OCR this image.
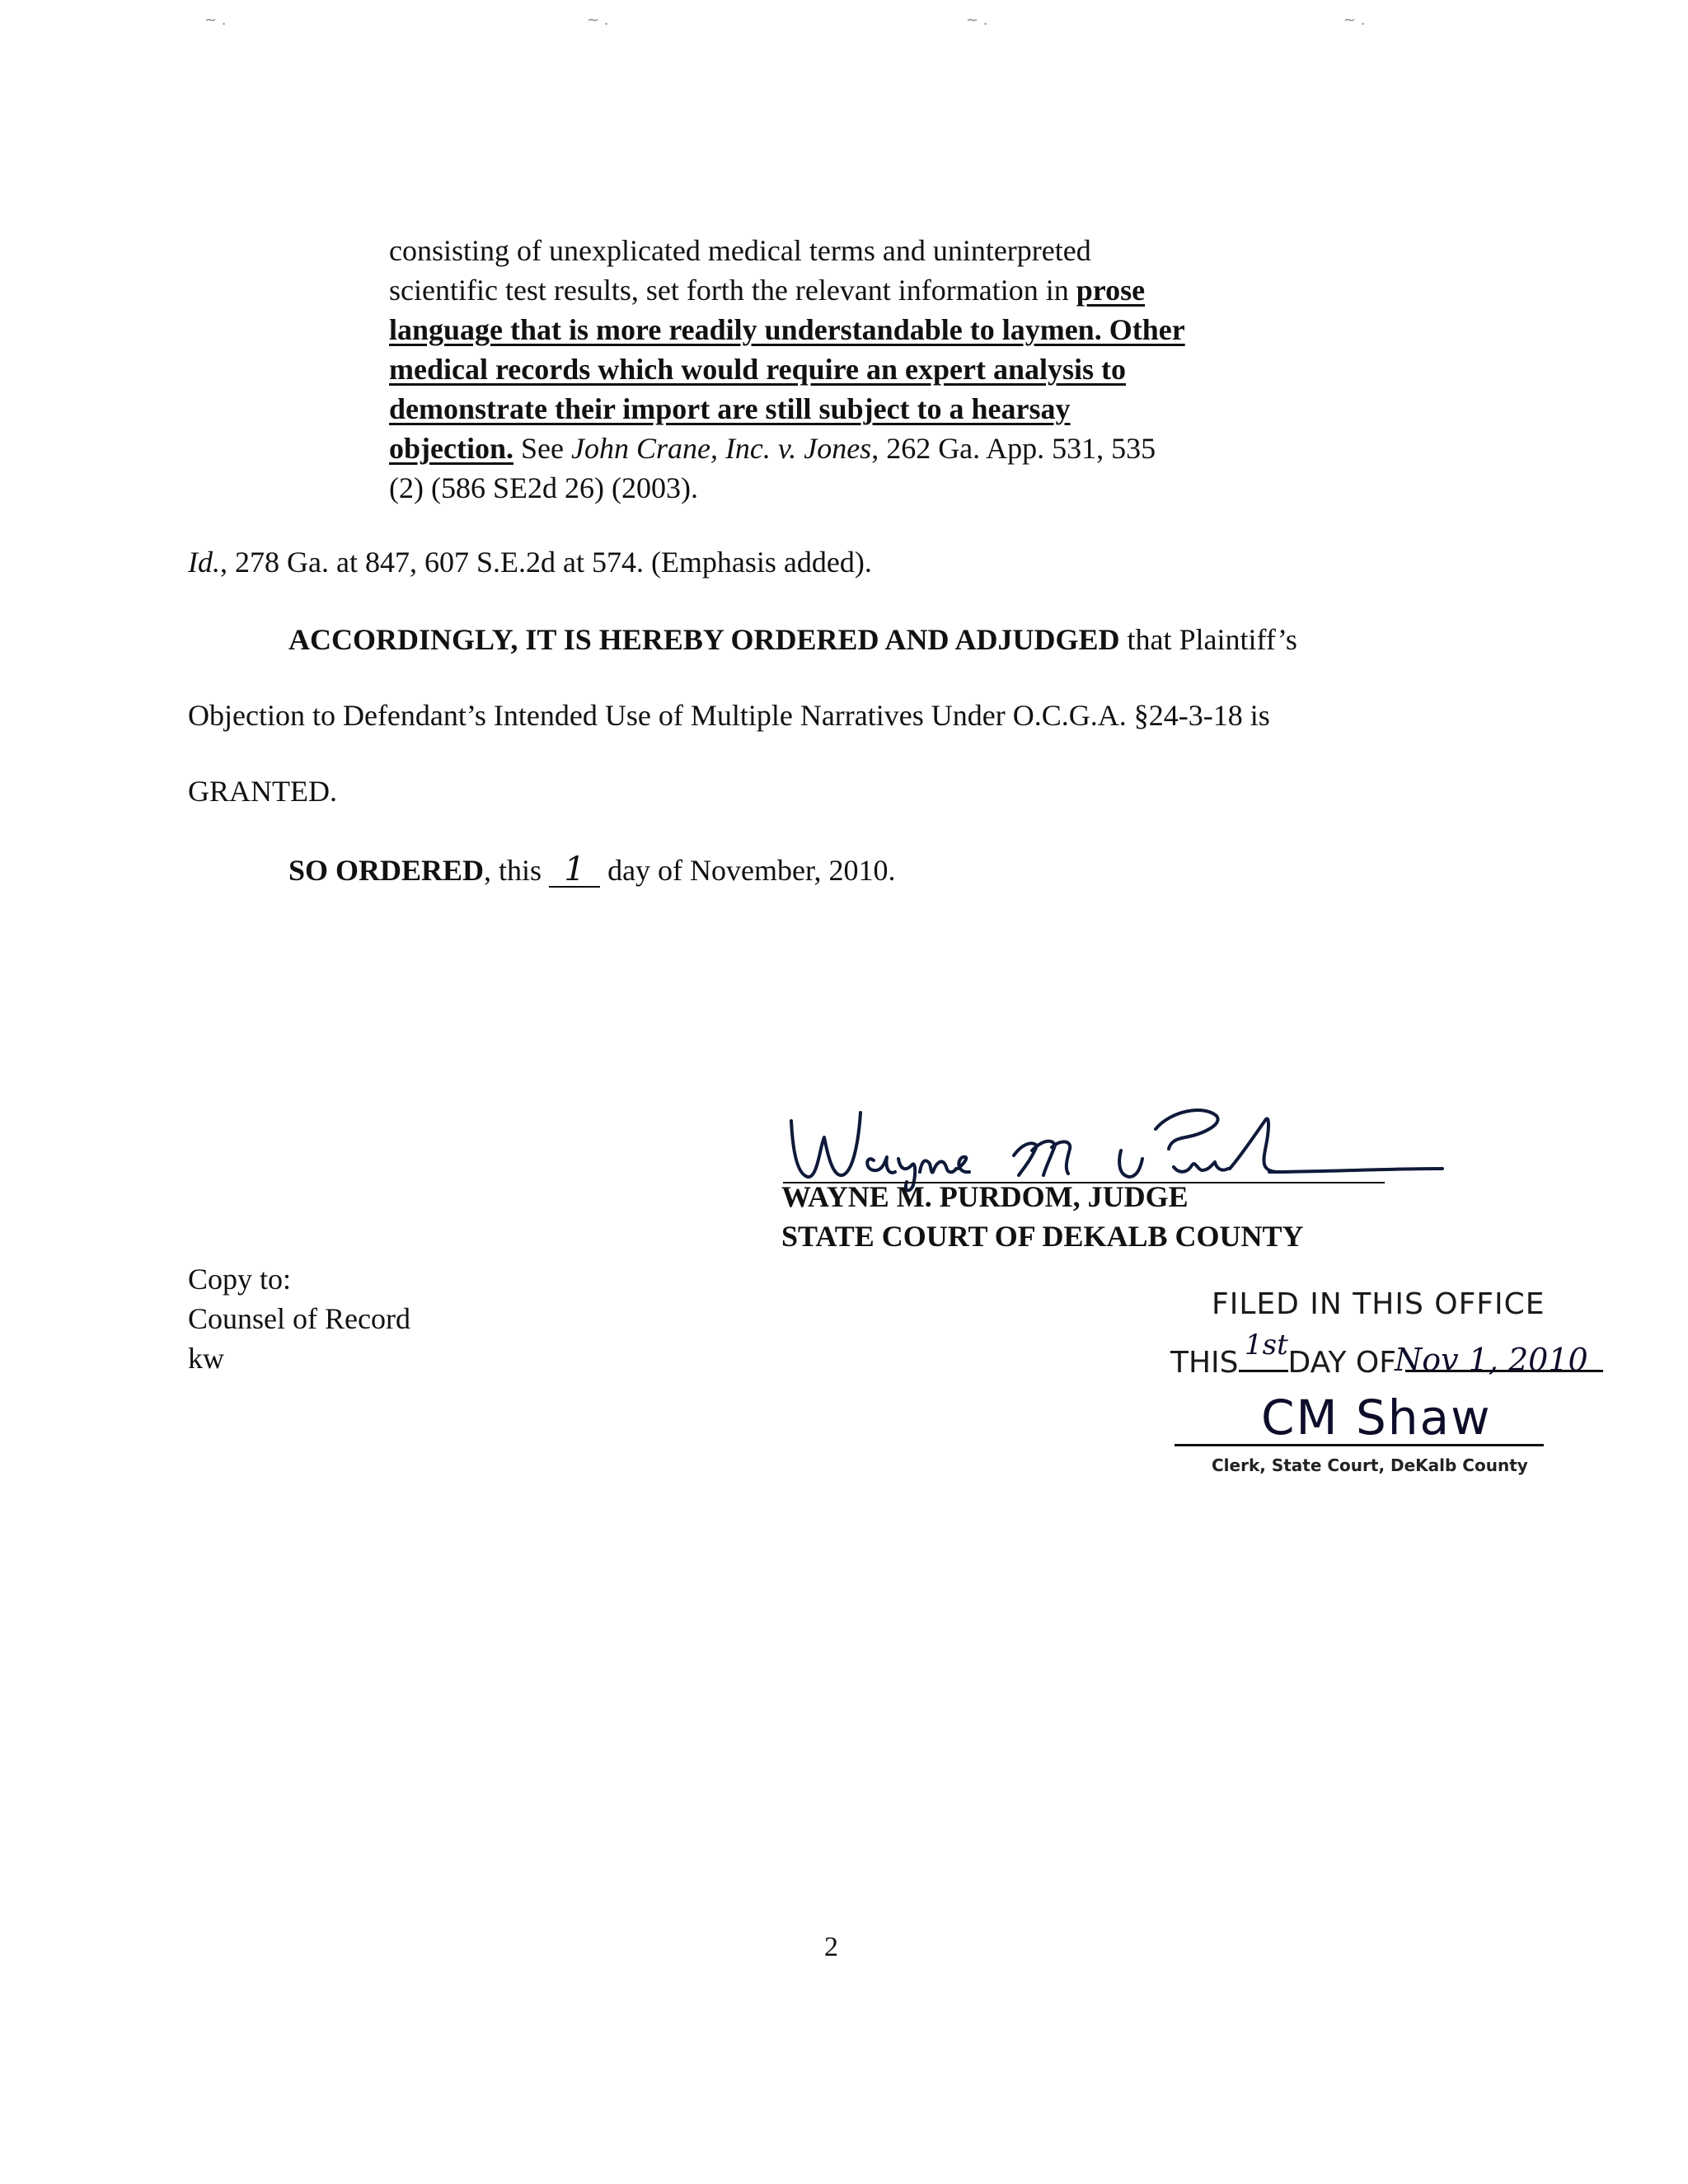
~ .	~ .	~ .	~ .
consisting of unexplicated medical terms and uninterpreted
scientific test results, set forth the relevant information in prose
language that is more readily understandable to laymen. Other
medical records which would require an expert analysis to
demonstrate their import are still subject to a hearsay
objection. See John Crane, Inc. v. Jones, 262 Ga. App. 531, 535
(2) (586 SE2d 26) (2003).
Id., 278 Ga. at 847, 607 S.E.2d at 574. (Emphasis added).
ACCORDINGLY, IT IS HEREBY ORDERED AND ADJUDGED that Plaintiff’s
Objection to Defendant’s Intended Use of Multiple Narratives Under O.C.G.A. §24-3-18 is
GRANTED.
SO ORDERED, this 1 day of November, 2010.
WAYNE M. PURDOM, JUDGE
STATE COURT OF DEKALB COUNTY
Copy to:
Counsel of Record
kw
FILED IN THIS OFFICE
THIS DAY OF
1st	Nov 1, 2010
CM Shaw
Clerk, State Court, DeKalb County
2
